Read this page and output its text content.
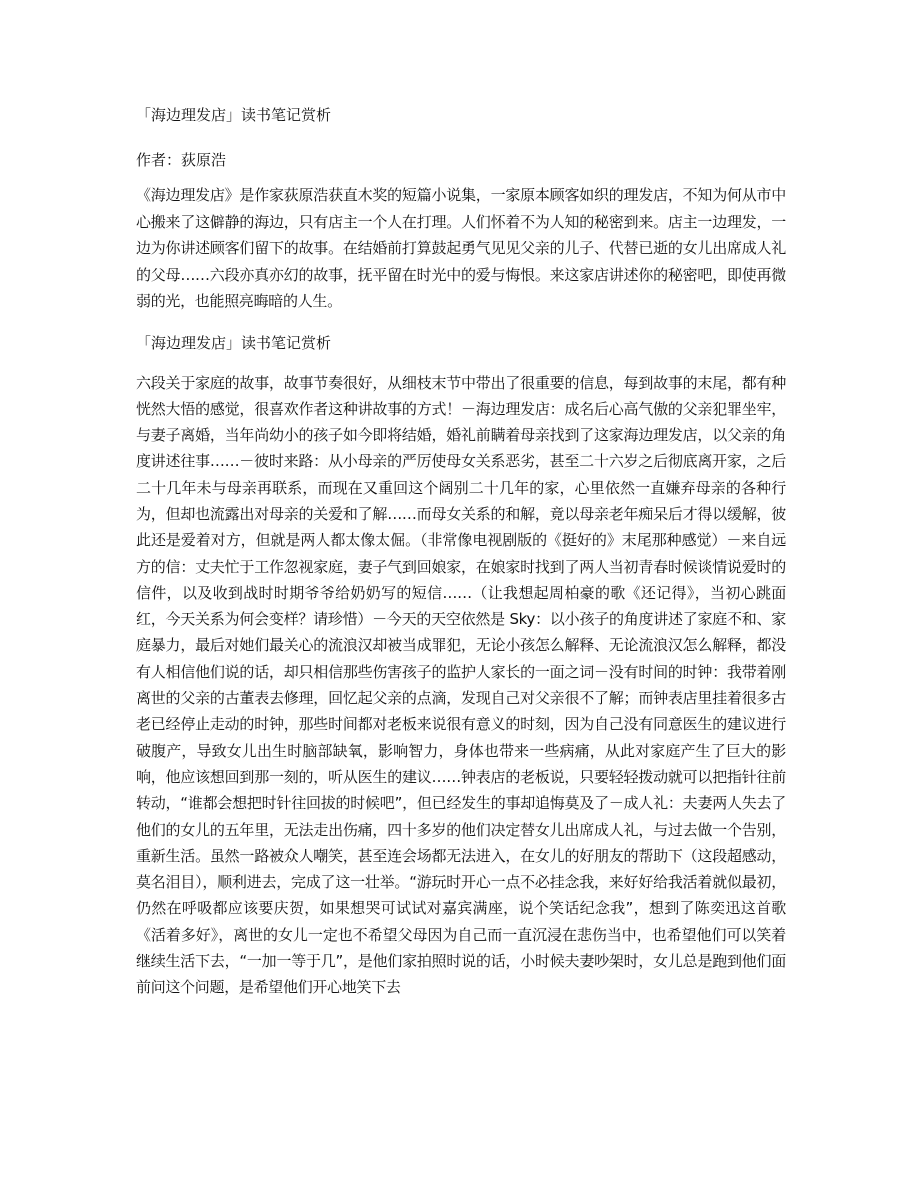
「海边理发店」读书笔记赏析

作者：荻原浩

《海边理发店》是作家荻原浩获直木奖的短篇小说集，一家原本顾客如织的理发店，不知为何从市中心搬来了这僻静的海边，只有店主一个人在打理。人们怀着不为人知的秘密到来。店主一边理发，一边为你讲述顾客们留下的故事。在结婚前打算鼓起勇气见见父亲的儿子、代替已逝的女儿出席成人礼的父母……六段亦真亦幻的故事，抚平留在时光中的爱与悔恨。来这家店讲述你的秘密吧，即使再微弱的光，也能照亮晦暗的人生。

「海边理发店」读书笔记赏析

六段关于家庭的故事，故事节奏很好，从细枝末节中带出了很重要的信息，每到故事的末尾，都有种恍然大悟的感觉，很喜欢作者这种讲故事的方式！－海边理发店：成名后心高气傲的父亲犯罪坐牢，与妻子离婚，当年尚幼小的孩子如今即将结婚，婚礼前瞒着母亲找到了这家海边理发店，以父亲的角度讲述往事……－彼时来路：从小母亲的严厉使母女关系恶劣，甚至二十六岁之后彻底离开家，之后二十几年未与母亲再联系，而现在又重回这个阔别二十几年的家，心里依然一直嫌弃母亲的各种行为，但却也流露出对母亲的关爱和了解……而母女关系的和解，竟以母亲老年痴呆后才得以缓解，彼此还是爱着对方，但就是两人都太像太倔。（非常像电视剧版的《挺好的》末尾那种感觉）－来自远方的信：丈夫忙于工作忽视家庭，妻子气到回娘家，在娘家时找到了两人当初青春时候谈情说爱时的信件，以及收到战时时期爷爷给奶奶写的短信……（让我想起周柏豪的歌《还记得》，当初心跳面红，今天关系为何会变样？请珍惜）－今天的天空依然是 Sky：以小孩子的角度讲述了家庭不和、家庭暴力，最后对她们最关心的流浪汉却被当成罪犯，无论小孩怎么解释、无论流浪汉怎么解释，都没有人相信他们说的话，却只相信那些伤害孩子的监护人家长的一面之词－没有时间的时钟：我带着刚离世的父亲的古董表去修理，回忆起父亲的点滴，发现自己对父亲很不了解；而钟表店里挂着很多古老已经停止走动的时钟，那些时间都对老板来说很有意义的时刻，因为自己没有同意医生的建议进行破腹产，导致女儿出生时脑部缺氧，影响智力，身体也带来一些病痛，从此对家庭产生了巨大的影响，他应该想回到那一刻的，听从医生的建议……钟表店的老板说，只要轻轻拨动就可以把指针往前转动，“谁都会想把时针往回拔的时候吧”，但已经发生的事却追悔莫及了－成人礼：夫妻两人失去了他们的女儿的五年里，无法走出伤痛，四十多岁的他们决定替女儿出席成人礼，与过去做一个告别，重新生活。虽然一路被众人嘲笑，甚至连会场都无法进入，在女儿的好朋友的帮助下（这段超感动，莫名泪目），顺利进去，完成了这一壮举。“游玩时开心一点不必挂念我，来好好给我活着就似最初，仍然在呼吸都应该要庆贺，如果想哭可试试对嘉宾满座，说个笑话纪念我”，想到了陈奕迅这首歌《活着多好》，离世的女儿一定也不希望父母因为自己而一直沉浸在悲伤当中，也希望他们可以笑着继续生活下去，“一加一等于几”，是他们家拍照时说的话，小时候夫妻吵架时，女儿总是跑到他们面前问这个问题，是希望他们开心地笑下去
